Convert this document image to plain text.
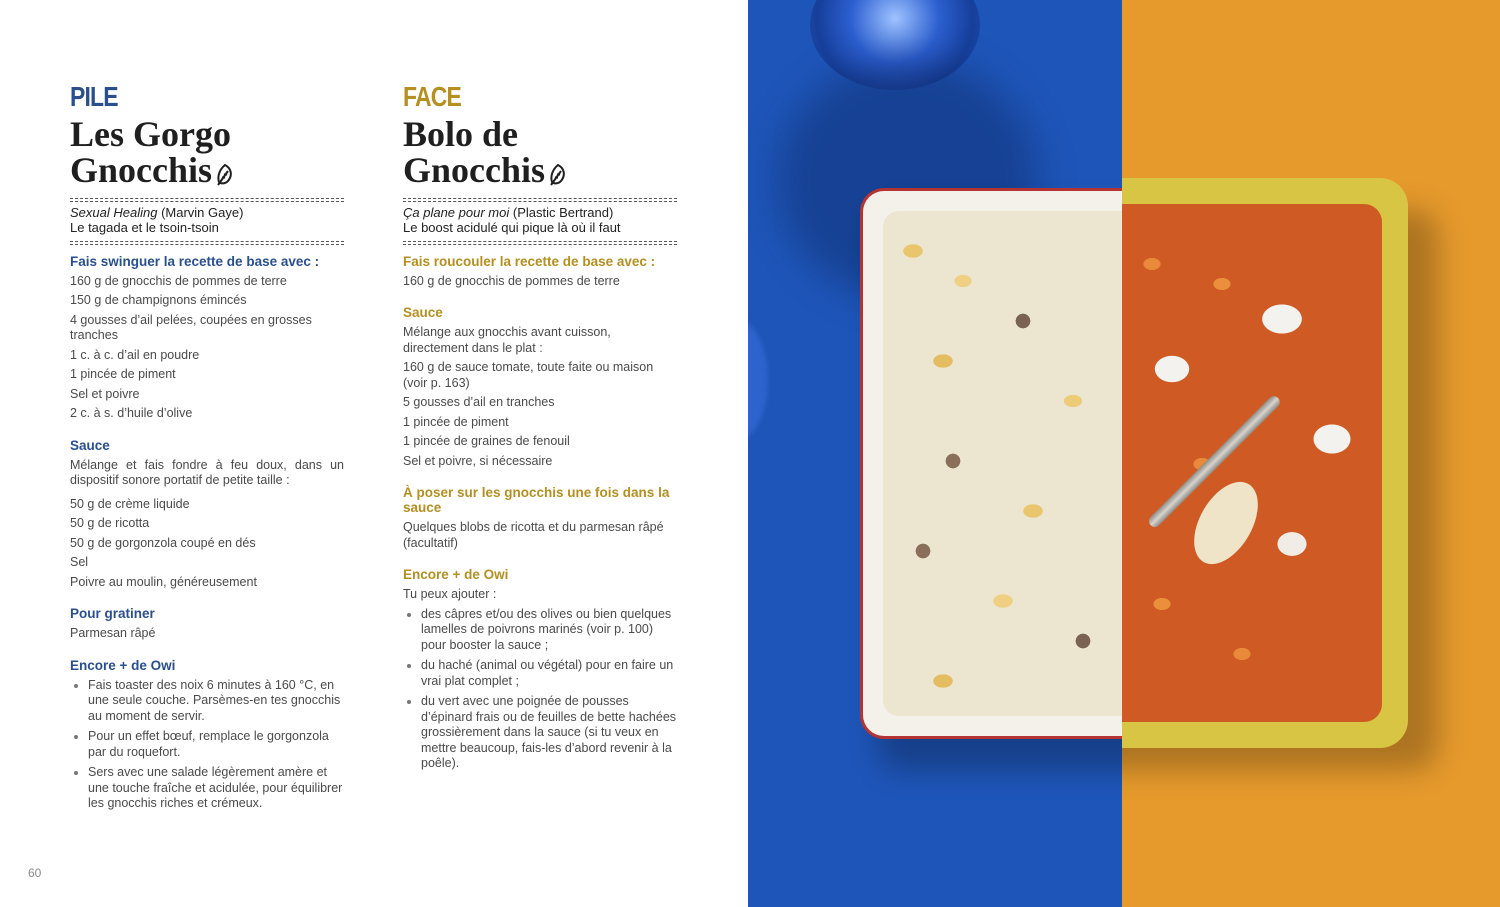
PILE
Les Gorgo
Gnocchis
Sexual Healing (Marvin Gaye)
Le tagada et le tsoin-tsoin
Fais swinguer la recette de base avec :
160 g de gnocchis de pommes de terre
150 g de champignons émincés
4 gousses d’ail pelées, coupées en grosses tranches
1 c. à c. d’ail en poudre
1 pincée de piment
Sel et poivre
2 c. à s. d’huile d’olive
Sauce
Mélange et fais fondre à feu doux, dans un dispositif sonore portatif de petite taille :
50 g de crème liquide
50 g de ricotta
50 g de gorgonzola coupé en dés
Sel
Poivre au moulin, généreusement
Pour gratiner
Parmesan râpé
Encore + de Owi
• Fais toaster des noix 6 minutes à 160 °C, en une seule couche. Parsèmes-en tes gnocchis au moment de servir.
• Pour un effet bœuf, remplace le gorgonzola par du roquefort.
• Sers avec une salade légèrement amère et une touche fraîche et acidulée, pour équilibrer les gnocchis riches et crémeux.
FACE
Bolo de
Gnocchis
Ça plane pour moi (Plastic Bertrand)
Le boost acidulé qui pique là où il faut
Fais roucouler la recette de base avec :
160 g de gnocchis de pommes de terre
Sauce
Mélange aux gnocchis avant cuisson, directement dans le plat :
160 g de sauce tomate, toute faite ou maison (voir p. 163)
5 gousses d’ail en tranches
1 pincée de piment
1 pincée de graines de fenouil
Sel et poivre, si nécessaire
À poser sur les gnocchis une fois dans la sauce
Quelques blobs de ricotta et du parmesan râpé (facultatif)
Encore + de Owi
Tu peux ajouter :
• des câpres et/ou des olives ou bien quelques lamelles de poivrons marinés (voir p. 100) pour booster la sauce ;
• du haché (animal ou végétal) pour en faire un vrai plat complet ;
• du vert avec une poignée de pousses d’épinard frais ou de feuilles de bette hachées grossièrement dans la sauce (si tu veux en mettre beaucoup, fais-les d’abord revenir à la poêle).
60
